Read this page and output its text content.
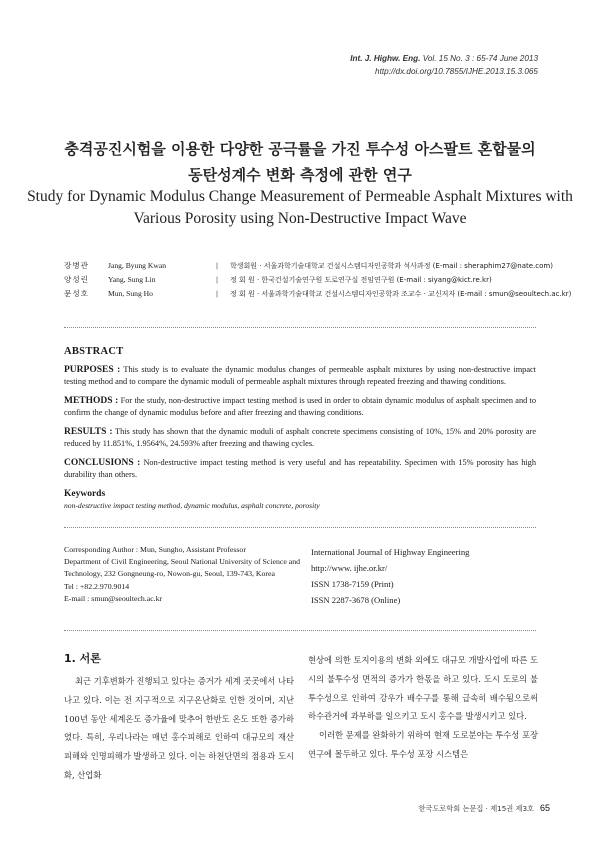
Int. J. Highw. Eng. Vol. 15 No. 3 : 65-74 June 2013
http://dx.doi.org/10.7855/IJHE.2013.15.3.065
충격공진시험을 이용한 다양한 공극률을 가진 투수성 아스팔트 혼합물의
동탄성계수 변화 측정에 관한 연구
Study for Dynamic Modulus Change Measurement of Permeable Asphalt Mixtures with
Various Porosity using Non-Destructive Impact Wave
장병관	Jang, Byung Kwan	|	학생회원 · 서울과학기술대학교 건설시스템디자인공학과 석사과정 (E-mail : sheraphim27@nate.com)
양성린	Yang, Sung Lin	|	정 회 원 · 한국건설기술연구원 도로연구실 전임연구원 (E-mail : siyang@kict.re.kr)
문성호	Mun, Sung Ho	|	정 회 원 · 서울과학기술대학교 건설시스템디자인공학과 조교수 · 교신저자 (E-mail : smun@seoultech.ac.kr)
ABSTRACT

PURPOSES : This study is to evaluate the dynamic modulus changes of permeable asphalt mixtures by using non-destructive impact testing method and to compare the dynamic moduli of permeable asphalt mixtures through repeated freezing and thawing conditions.

METHODS : For the study, non-destructive impact testing method is used in order to obtain dynamic modulus of asphalt specimen and to confirm the change of dynamic modulus before and after freezing and thawing conditions.

RESULTS : This study has shown that the dynamic moduli of asphalt concrete specimens consisting of 10%, 15% and 20% porosity are reduced by 11.851%, 1.9564%, 24.593% after freezing and thawing cycles.

CONCLUSIONS : Non-destructive impact testing method is very useful and has repeatability. Specimen with 15% porosity has high durability than others.

Keywords
non-destructive impact testing method, dynamic modulus, asphalt concrete, porosity
Corresponding Author : Mun, Sungho, Assistant Professor
Department of Civil Engineering, Seoul National University of Science and
Technology, 232 Gongneung-ro, Nowon-gu, Seoul, 139-743, Korea
Tel : +82.2.970.9014
E-mail : smun@seoultech.ac.kr
International Journal of Highway Engineering
http://www. ijhe.or.kr/
ISSN 1738-7159 (Print)
ISSN 2287-3678 (Online)
1. 서론

최근 기후변화가 진행되고 있다는 증거가 세계 곳곳에서 나타나고 있다. 이는 전 지구적으로 지구온난화로 인한 것이며, 지난 100년 동안 세계온도 증가율에 맞추어 한반도 온도 또한 증가하였다. 특히, 우리나라는 매년 홍수피해로 인하여 대규모의 재산피해와 인명피해가 발생하고 있다. 이는 하천단면의 점용과 도시화, 산업화

현상에 의한 토지이용의 변화 외에도 대규모 개발사업에 따른 도시의 불투수성 면적의 증가가 한몫을 하고 있다. 도시 도로의 불투수성으로 인하여 강우가 배수구를 통해 급속히 배수됨으로써 하수관거에 과부하를 일으키고 도시 홍수를 발생시키고 있다.

이러한 문제를 완화하기 위하여 현재 도로분야는 투수성 포장 연구에 몰두하고 있다. 투수성 포장 시스템은

한국도로학회 논문집 · 제15권 제3호 65
